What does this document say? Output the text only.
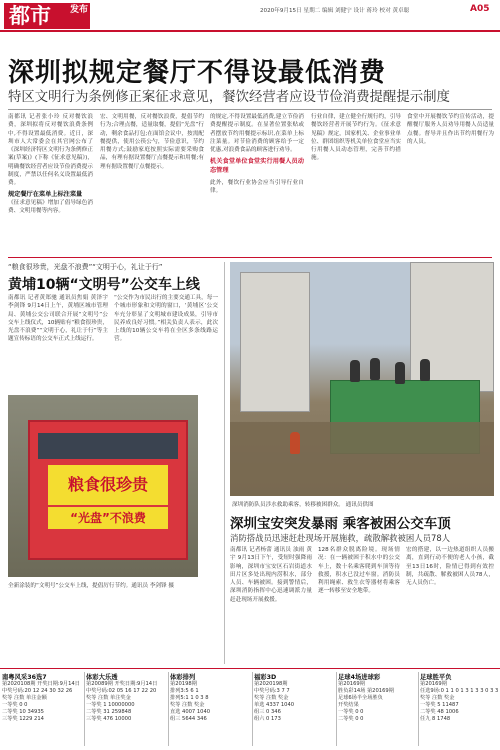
都市	发布	2020年9月15日 星期二 编辑 刘健宁 设计 蒋玲 校对 黄卓聪	A05
深圳拟规定餐厅不得设最低消费
特区文明行为条例修正案征求意见，餐饮经营者应设节俭消费提醒提示制度
南都讯 记者张小玲 反对餐饮浪费，深圳拟将反对餐饮浪费条例中,不得设置最低消费。近日，深圳市人大常委会在其官网公布了《深圳经济特区文明行为条例修正案(草案)》(下称《征求意见稿》)，明确餐饮经营者应设节俭消费提示制度，严禁以任何名义设置最低消费。
规定餐厅在菜单上标注菜量
《征求意见稿》增加了倡导绿色消费、文明用餐等内容。
宏、文明用餐，反对餐饮浪费，提倡节约行为;合理点餐，适量取餐，提倡“光盘”行动，剩余食品打包;在面馆会议中，按需配餐提供，使用公筷公勺，节俭意识，节约用餐方式;鼓励家庭按照实际需要采购食品，有理有据设置餐厅点餐提示和用餐;有理有据设置餐厅点餐提示。
的规定,不得设置最低消费,建立节俭消费提醒提示制度。在显著位置张贴或者摆放节约用餐提示标识,在菜单上标注菜量。对节俭消费的顾客给予一定优惠,对浪费食品的顾客进行劝导。
机关食堂单位食堂实行用餐人员动态管理
此外，餐饮行业协会应当引导行业自律。
行业自律，建立健全行规行约，引导餐饮经营者开展节约行为。《征求意见稿》规定，国家机关、企业事业单位、群团组织等机关单位食堂应当实行用餐人员动态管理，完善节约措施。
食堂中开展餐饮节约宣传活动，提醒餐厅服务人员劝导用餐人员适量点餐。督导并且作出节约用餐行为的人员。
“粮食很珍贵，光盘不浪费”“文明于心，礼让于行”
黄埔10辆“文明号”公交车上线
南都讯 记者黄郑驰 通讯员焦娟 黄泽宇 李剑锋 9月14日上午，黄埔区城市管理局、黄埔公交公司联合开展“文明号”公交车上线仪式，10辆贴有“粮食很珍贵，光盘不浪费”“文明于心，礼让于行”等主题宣传标语的公交车正式上线运行。
“公交作为市民出行的主要交通工具，每一个城市形象和文明的窗口，‘黄埔区’公交车充分彰显了文明城市建设成果，引导市民养成良好习惯。”相关负责人表示，此次上线的10辆公交车将在全区多条线路运营。
粮食很珍贵
“光盘”不浪费
全新涂装的“文明号”公交车上线，提倡厉行节约。通讯员 李剑锋 摄
深圳消防队员涉水救助乘客，转移被困群众。 通讯员供图
深圳宝安突发暴雨 乘客被困公交车顶
消防搭战员迅速赶赴现场开展施救，疏散解救被困人员78人
南都讯 记者杨蕾 通讯员 浊雨 黄宇 9月13日下午，受短时强降雨影响，深圳市宝安区石岩街道水田片区多处出现内涝积水，部分人员、车辆被困。接到警情后，深圳消防指挥中心迅速调派力量赶赴现场开展救援。
128名群众脱离险境。现场情况：在一辆被困于积水中的公交车上，数十名乘客爬到车顶等待救援，积水已没过车窗。消防员利用绳索、救生衣等器材将乘客逐一转移至安全地带。
宏的搭建，以一边热道组织人员搬离，直到行动不便的老人小孩，截至13日16时，险情已得到有效控制，共疏散、解救被困人员78人，无人员伤亡。
南粤风采36选7
第2020108期 开奖日期:9月14日
中奖号码:20 12 24 30 32 26
奖等 注数 单注金额
一等奖 0 0
二等奖 10 34935
三等奖 1229 214
体彩大乐透
第20089期 开奖日期:9月14日
中奖号码:02 05 16 17 22 20
奖等 注数 单注奖金
一等奖 1 10000000
二等奖 31 259848
三等奖 476 10000
体彩排列
第20198期
排列3:5 6 1
排列5:1 1 0 3 8
奖等 注数 奖金
直选 4007 1040
组三 5644 346
福彩3D
第2020198期
中奖号码:3 7 7
奖等 注数 奖金
单选 4337 1040
组三 0 346
组六 0 173
足球4场进球彩
第20169期
胜负彩14场 第20169期
足球6场半全场胜负
开奖结果
一等奖 0 0
二等奖 0 0
足球胜平负
第20169期
任选9场:0 1 1 0 1 3 1 3 3 0 3 3
奖等 注数 奖金
一等奖 5 11487
二等奖 48 1006
任九 8 1748
